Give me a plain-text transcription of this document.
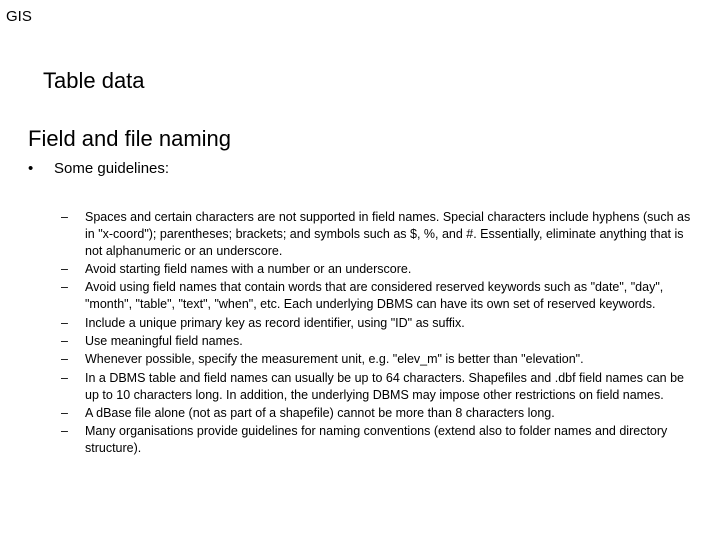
GIS
Table data
Field and file naming
•	Some guidelines:
–	Spaces and certain characters are not supported in field names. Special characters include hyphens (such as in "x-coord"); parentheses; brackets; and symbols such as $, %, and #. Essentially, eliminate anything that is not alphanumeric or an underscore.
–	Avoid starting field names with a number or an underscore.
–	Avoid using field names that contain words that are considered reserved keywords such as "date", "day", "month", "table", "text", "when", etc. Each underlying DBMS can have its own set of reserved keywords.
–	Include a unique primary key as record identifier, using "ID" as suffix.
–	Use meaningful field names.
–	Whenever possible, specify the measurement unit, e.g. "elev_m" is better than "elevation".
–	In a DBMS table and field names can usually be up to 64 characters. Shapefiles and .dbf field names can be up to 10 characters long. In addition, the underlying DBMS may impose other restrictions on field names.
–	A dBase file alone (not as part of a shapefile) cannot be more than 8 characters long.
–	Many organisations provide guidelines for naming conventions (extend also to folder names and directory structure).
